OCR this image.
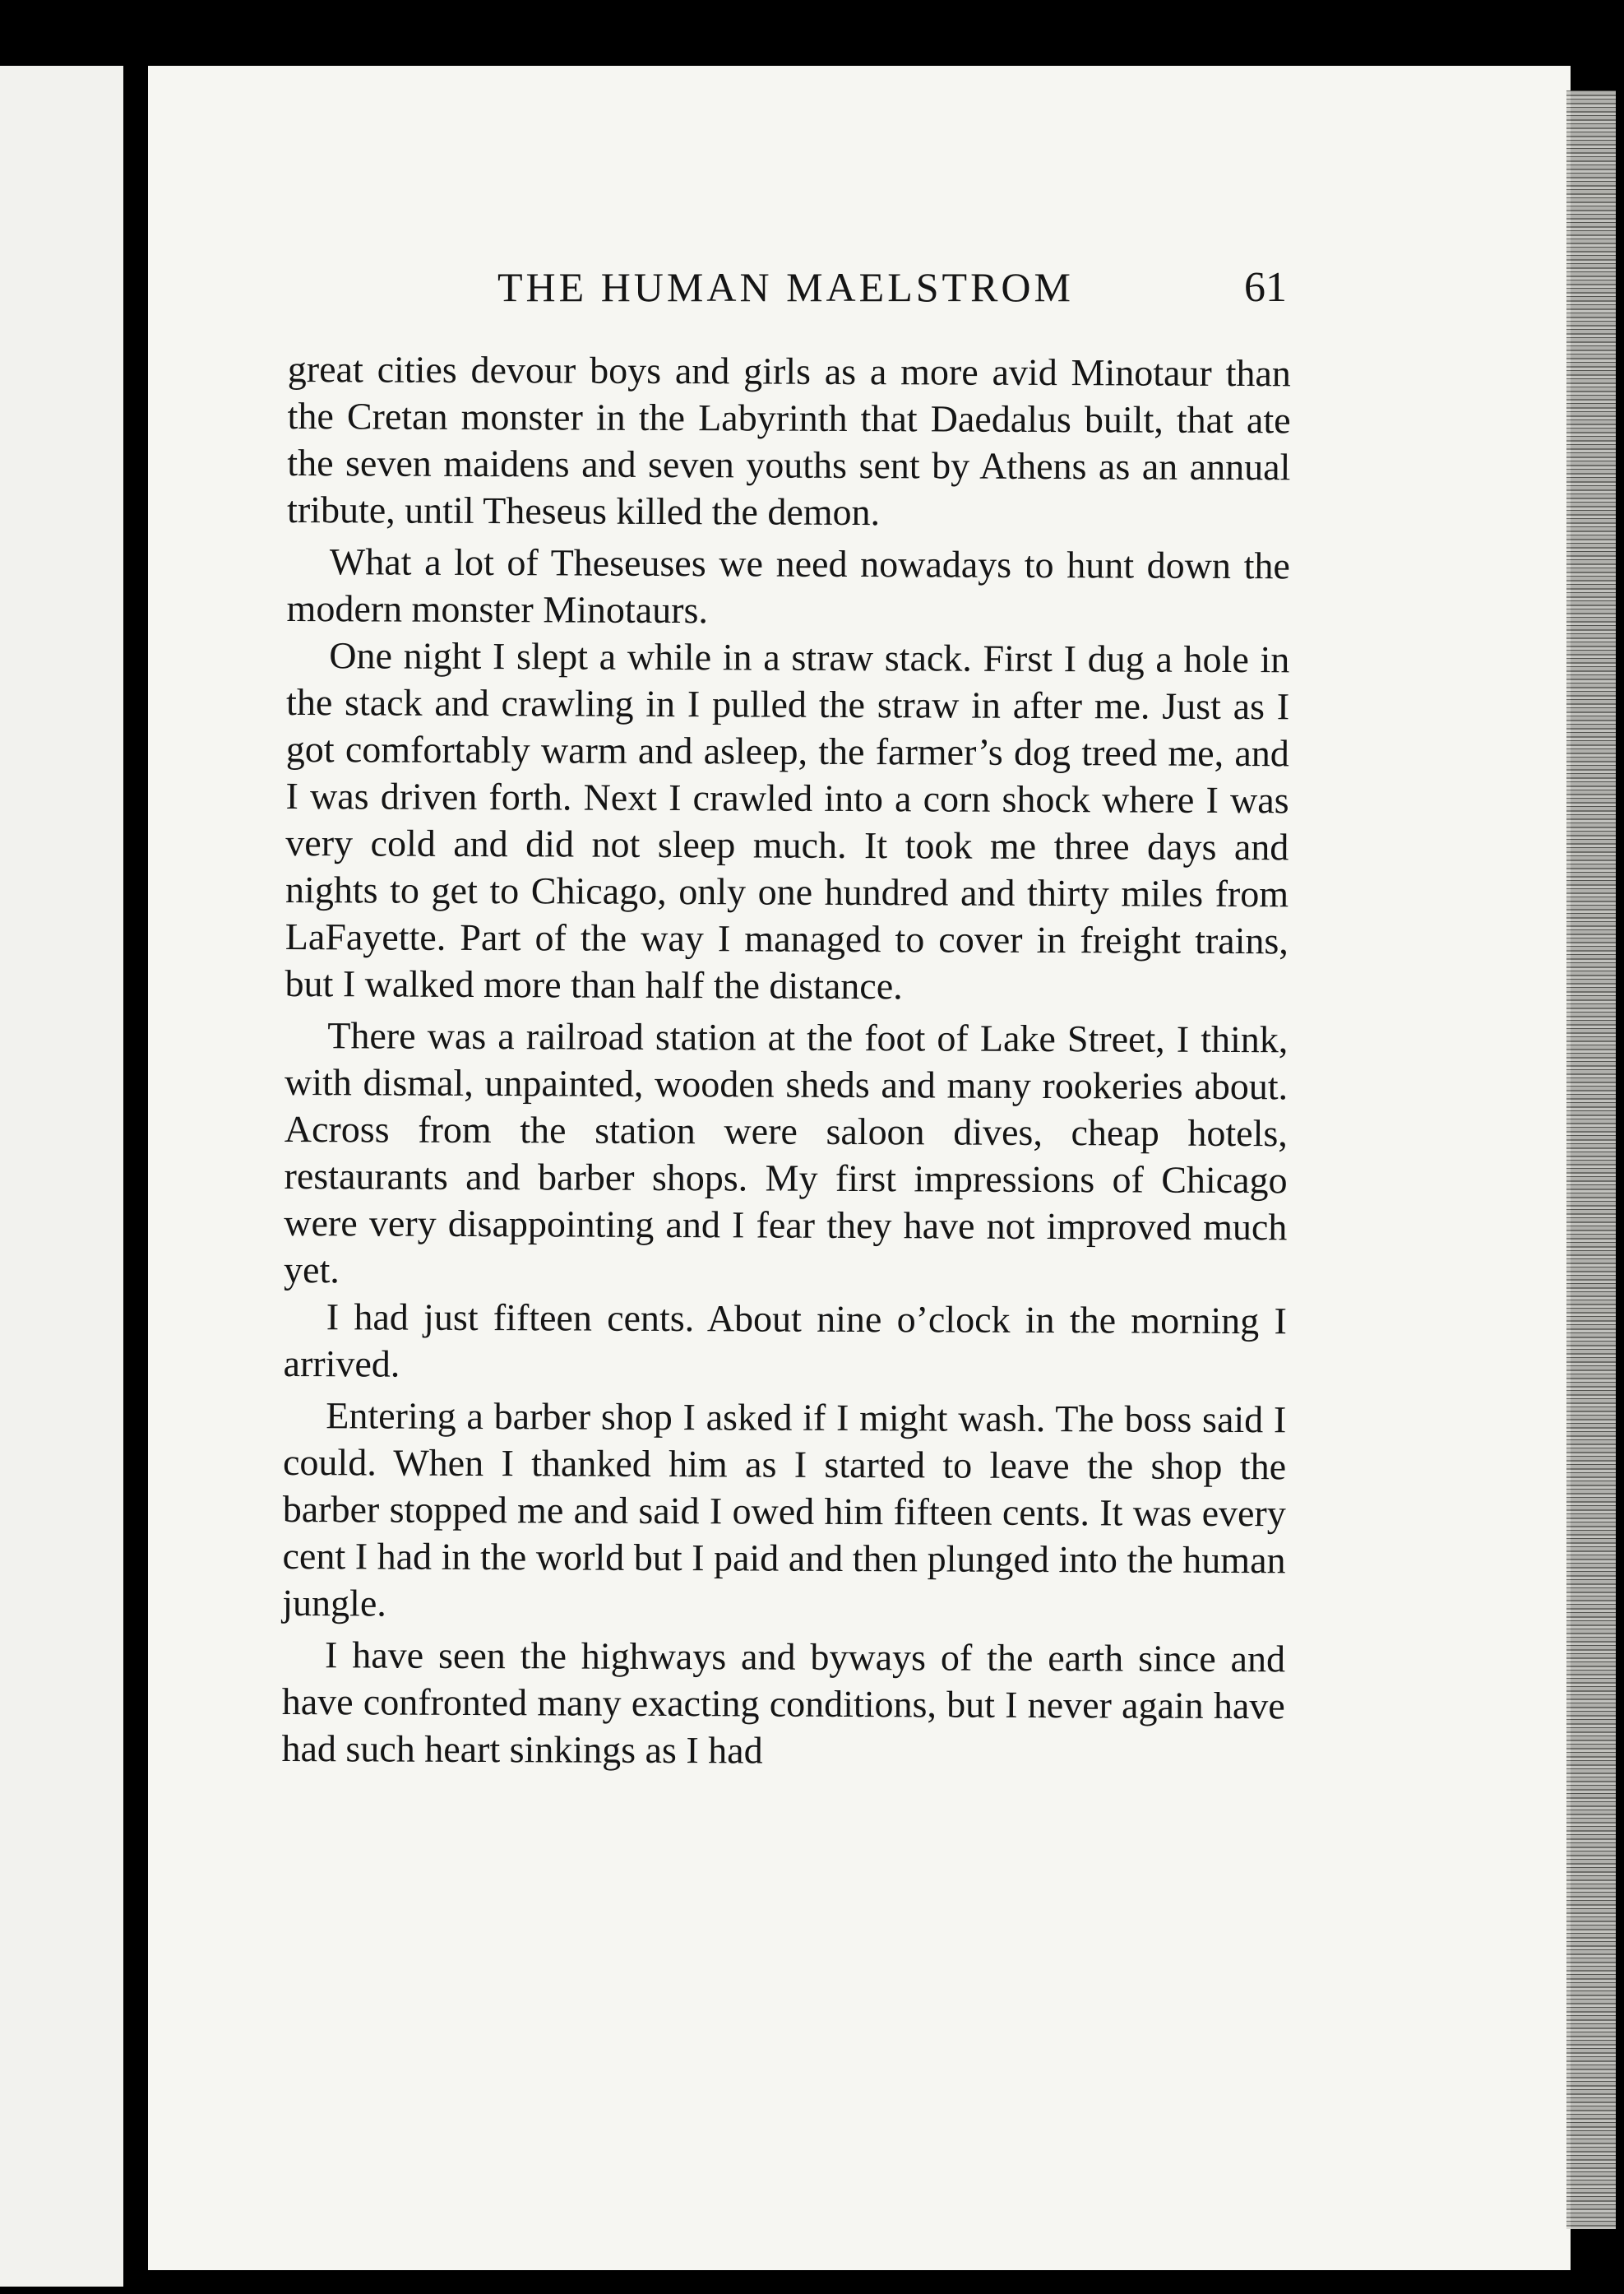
THE HUMAN MAELSTROM	61

great cities devour boys and girls as a more avid Minotaur than the Cretan monster in the Labyrinth that Daedalus built, that ate the seven maidens and seven youths sent by Athens as an annual tribute, until Theseus killed the demon.

What a lot of Theseuses we need nowadays to hunt down the modern monster Minotaurs.

One night I slept a while in a straw stack. First I dug a hole in the stack and crawling in I pulled the straw in after me. Just as I got comfortably warm and asleep, the farmer’s dog treed me, and I was driven forth. Next I crawled into a corn shock where I was very cold and did not sleep much. It took me three days and nights to get to Chicago, only one hundred and thirty miles from LaFayette. Part of the way I managed to cover in freight trains, but I walked more than half the distance.

There was a railroad station at the foot of Lake Street, I think, with dismal, unpainted, wooden sheds and many rookeries about. Across from the station were saloon dives, cheap hotels, restaurants and barber shops. My first impressions of Chicago were very disappointing and I fear they have not improved much yet.

I had just fifteen cents. About nine o’clock in the morning I arrived.

Entering a barber shop I asked if I might wash. The boss said I could. When I thanked him as I started to leave the shop the barber stopped me and said I owed him fifteen cents. It was every cent I had in the world but I paid and then plunged into the human jungle.

I have seen the highways and byways of the earth since and have confronted many exacting conditions, but I never again have had such heart sinkings as I had
